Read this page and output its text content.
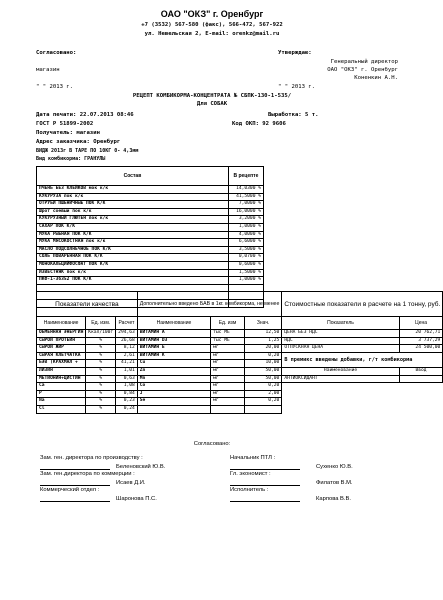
ОАО "ОКЗ" г. Оренбург
+7 (3532) 567-580 (факс), 566-472, 567-922
ул. Невельская 2, E-mail: orenkz@mail.ru
Согласовано:
магазин
" " 2013 г.
Утверждаю:
Генеральный директор
ОАО "ОКЗ" г. Оренбург
Коненкин А.Н.
" " 2013 г.
РЕЦЕПТ КОМБИКОРМА-КОНЦЕНТРАТА № СБПК-130-1-535/
Для СОБАК
Дата печати: 22.07.2013 08:46	Выработка: 5 т.
ГОСТ Р 51899-2002	Код ОКП: 92 9606
Получатель: магазин
Адрес заказчика: Оренбург
ВИДЖ 2013г В ТАРЕ ПО 10КГ 0- 4,3мм
Вид комбикорма: ГРАНУЛЫ
Состав	В рецепте
ПЧЕНЬ БЕЗ КЛЕЙКОВ мок к/к	14,0300 %
КУКУРУЗА пок к/к	41,5000 %
ОТРУБИ ПШЕНИЧНЫЕ ПОК К/К	7,0000 %
Шрот соевый пок к/к	16,0000 %
КУКУРУЗНЫЙ ГЛЮТЕН пок к/к	3,2000 %
САХАР ПОК К/К	1,0000 %
МУКА РЫБНАЯ ПОК К/К	4,0000 %
МУКА МЯСОКОСТНАЯ пок к/к	6,6000 %
МАСЛО ПОДСОЛНЕЧНОЕ ПОК К/К	3,5000 %
СОЛЬ ПОВАРЕННАЯ ПОК К/К	0,0700 %
МОНОКАЛЬЦИЙФОСФАТ ПОК К/К	0,6000 %
ИЗВЕСТНЯК пок к/к	1,5000 %
ПКФ-1-36352 ПОК К/К	1,0000 %

Показатели качества			Дополнительно введено БАВ в 1кг. комбикорма, не менее			Стоимостные показатели в расчете на 1 тонну, руб.	
Наименование	Ед. изм.	Расчет	Наименование	Ед. изм	Знач.	Показатель	Цена
ОБМЕННАЯ ЭНЕРГИЯ	Ккал/100г	294,63	ВИТАМИН А	тыс МЕ	12,50	ЦЕНА БЕЗ НДС	20 762,71
СЫРОЙ ПРОТЕИН	%	26,68	ВИТАМИН D3	тыс МЕ	1,25	НДС	3 737,29
СЫРОЙ ЖИР	%	8,12	ВИТАМИН Е	мг	20,00	ОТПУСКНАЯ ЦЕНА	24 500,00
СЫРАЯ КЛЕТЧАТКА	%	2,61	ВИТАМИН К	мг	0,20	В премикс введены добавки, г/т комбикорма	
БЭВ (КРАХМАЛ +	%	41,21	Cu	мг	10,00		
ЛИЗИН	%	1,01	Zn	мг	50,00	Наименование	Ввод
МЕТИОНИН+ЦИСТИН	%	0,63	Mn	мг	50,00	АНТИОКСИДАНТ	
Ca	%	1,08	Co	мг	0,20		
P	%	0,84	J	мг	2,00		
Na	%	0,23	Se	мг	0,20		
Cl	%	0,24					
Согласовано:
Зам. ген. директора по производству :
Беленовский Ю.В.
Зам. ген.директора по коммерции :
Исаев Д.И.
Коммерческий отдел :
Шаронова П.С.
Начальник ПТЛ :
Сухенко Ю.В.
Гл. экономист :
Филатов В.М.
Исполнитель :
Карпова В.В.
